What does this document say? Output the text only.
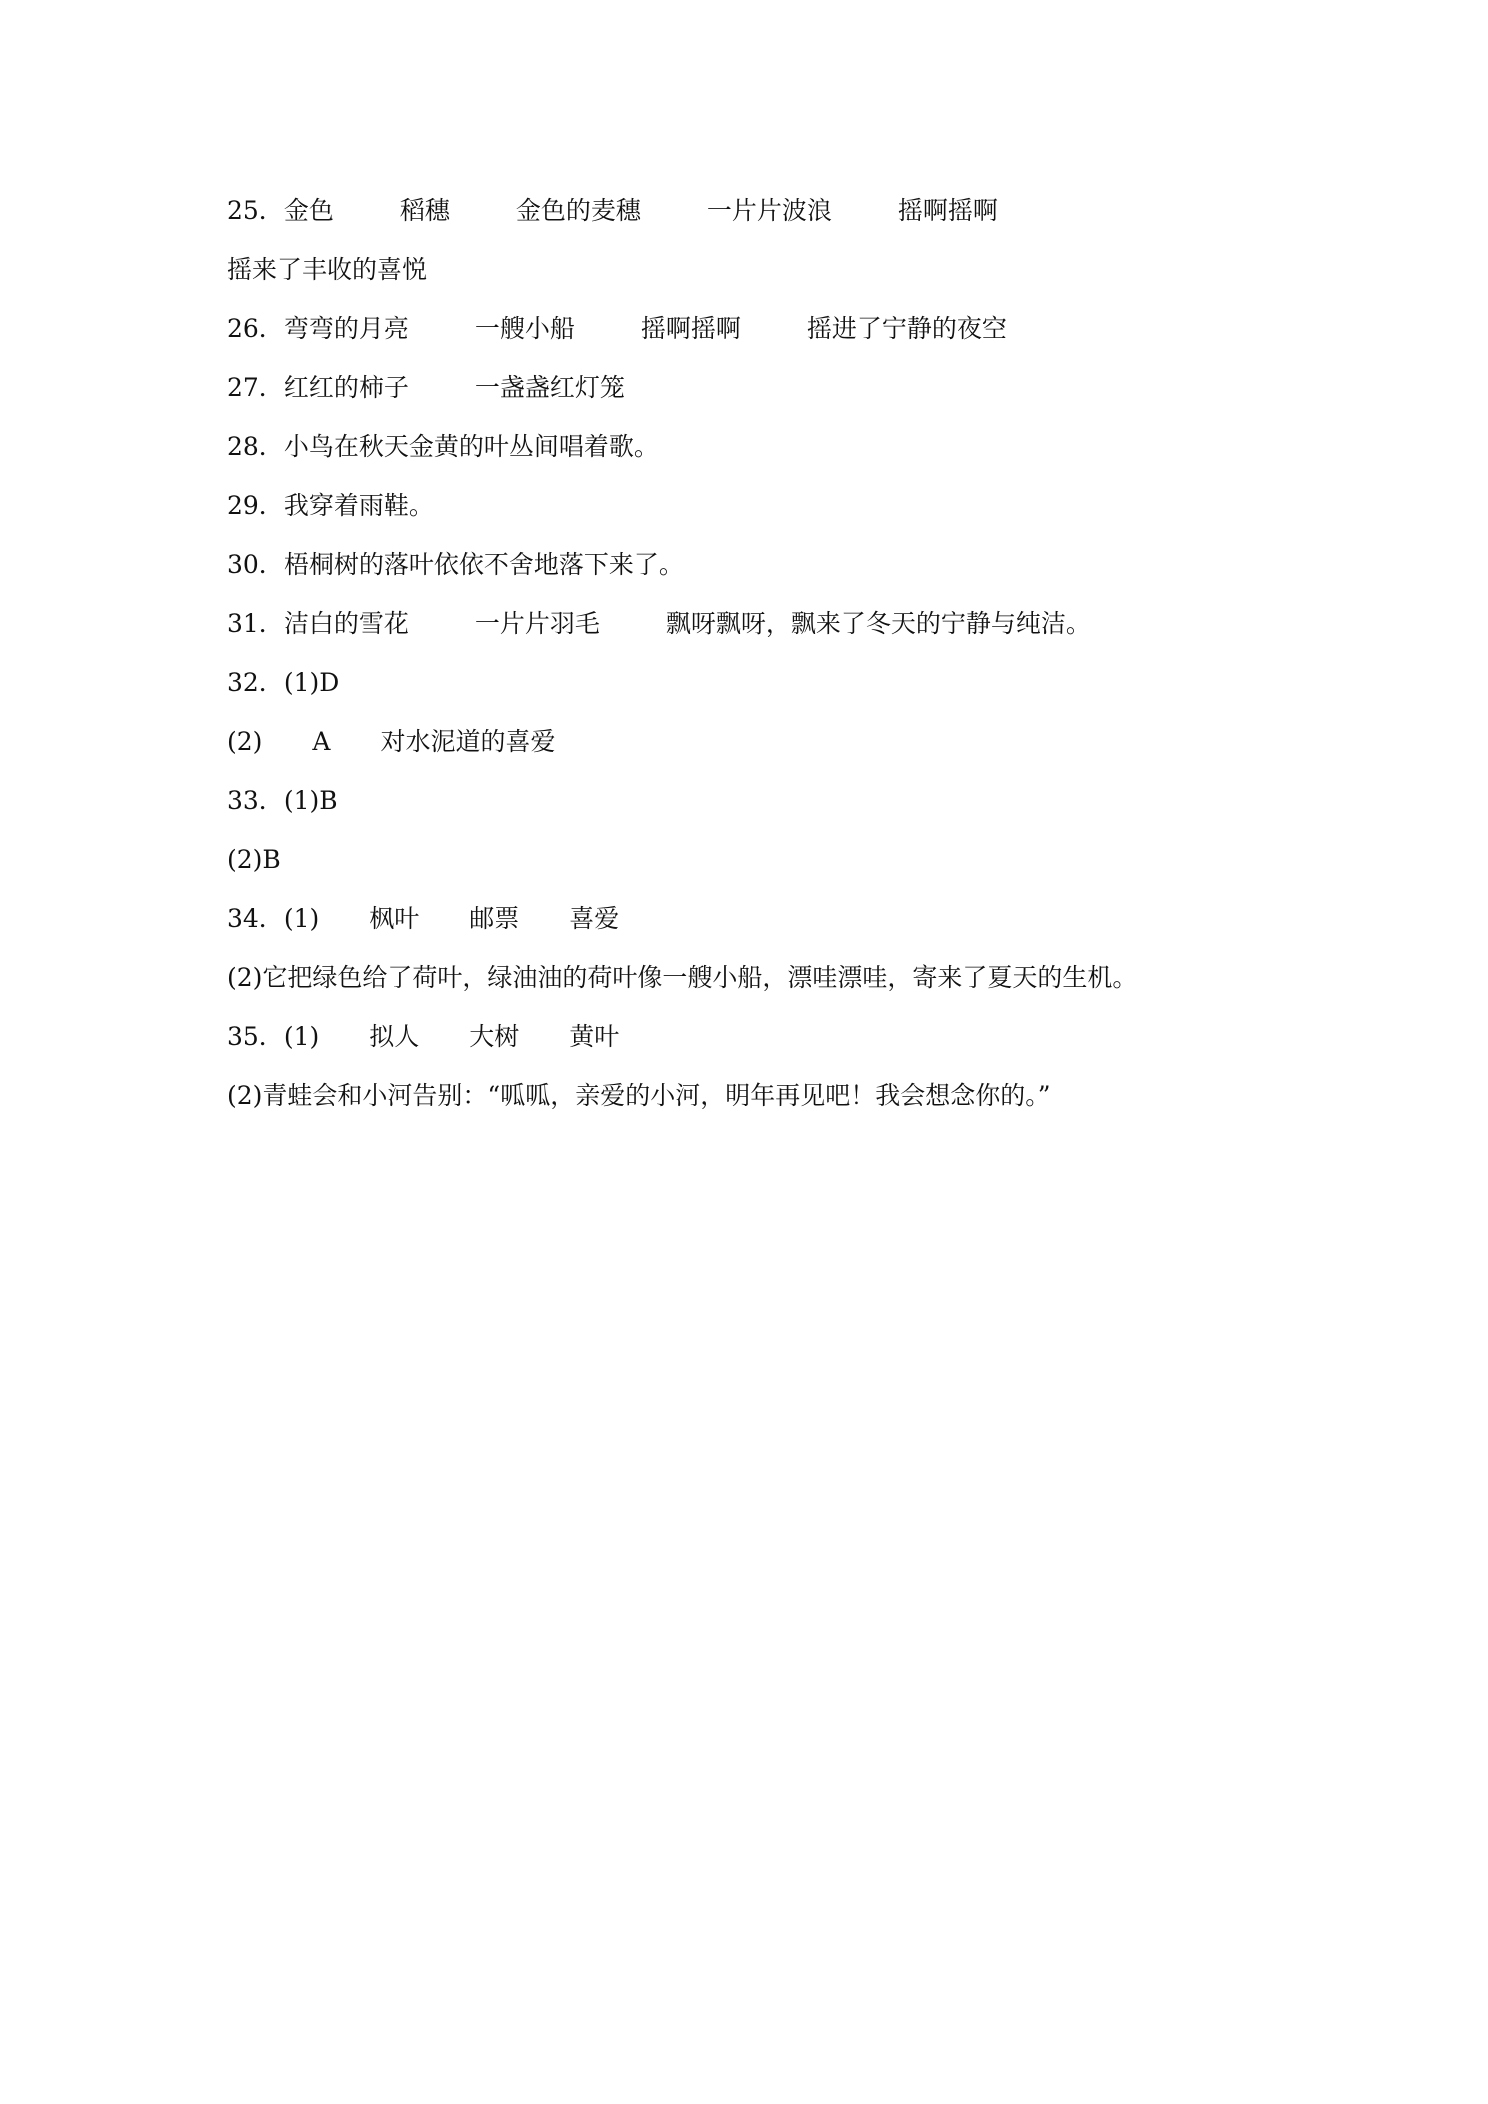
25．金色	稻穗	金色的麦穗	一片片波浪	摇啊摇啊
摇来了丰收的喜悦
26．弯弯的月亮	一艘小船	摇啊摇啊	摇进了宁静的夜空
27．红红的柿子	一盏盏红灯笼
28．小鸟在秋天金黄的叶丛间唱着歌。
29．我穿着雨鞋。
30．梧桐树的落叶依依不舍地落下来了。
31．洁白的雪花	一片片羽毛	飘呀飘呀，飘来了冬天的宁静与纯洁。
32．(1)D
(2) A 对水泥道的喜爱
33．(1)B
(2)B
34．(1) 枫叶 邮票 喜爱
(2)它把绿色给了荷叶，绿油油的荷叶像一艘小船，漂哇漂哇，寄来了夏天的生机。
35．(1) 拟人 大树 黄叶
(2)青蛙会和小河告别：“呱呱，亲爱的小河，明年再见吧！我会想念你的。”
